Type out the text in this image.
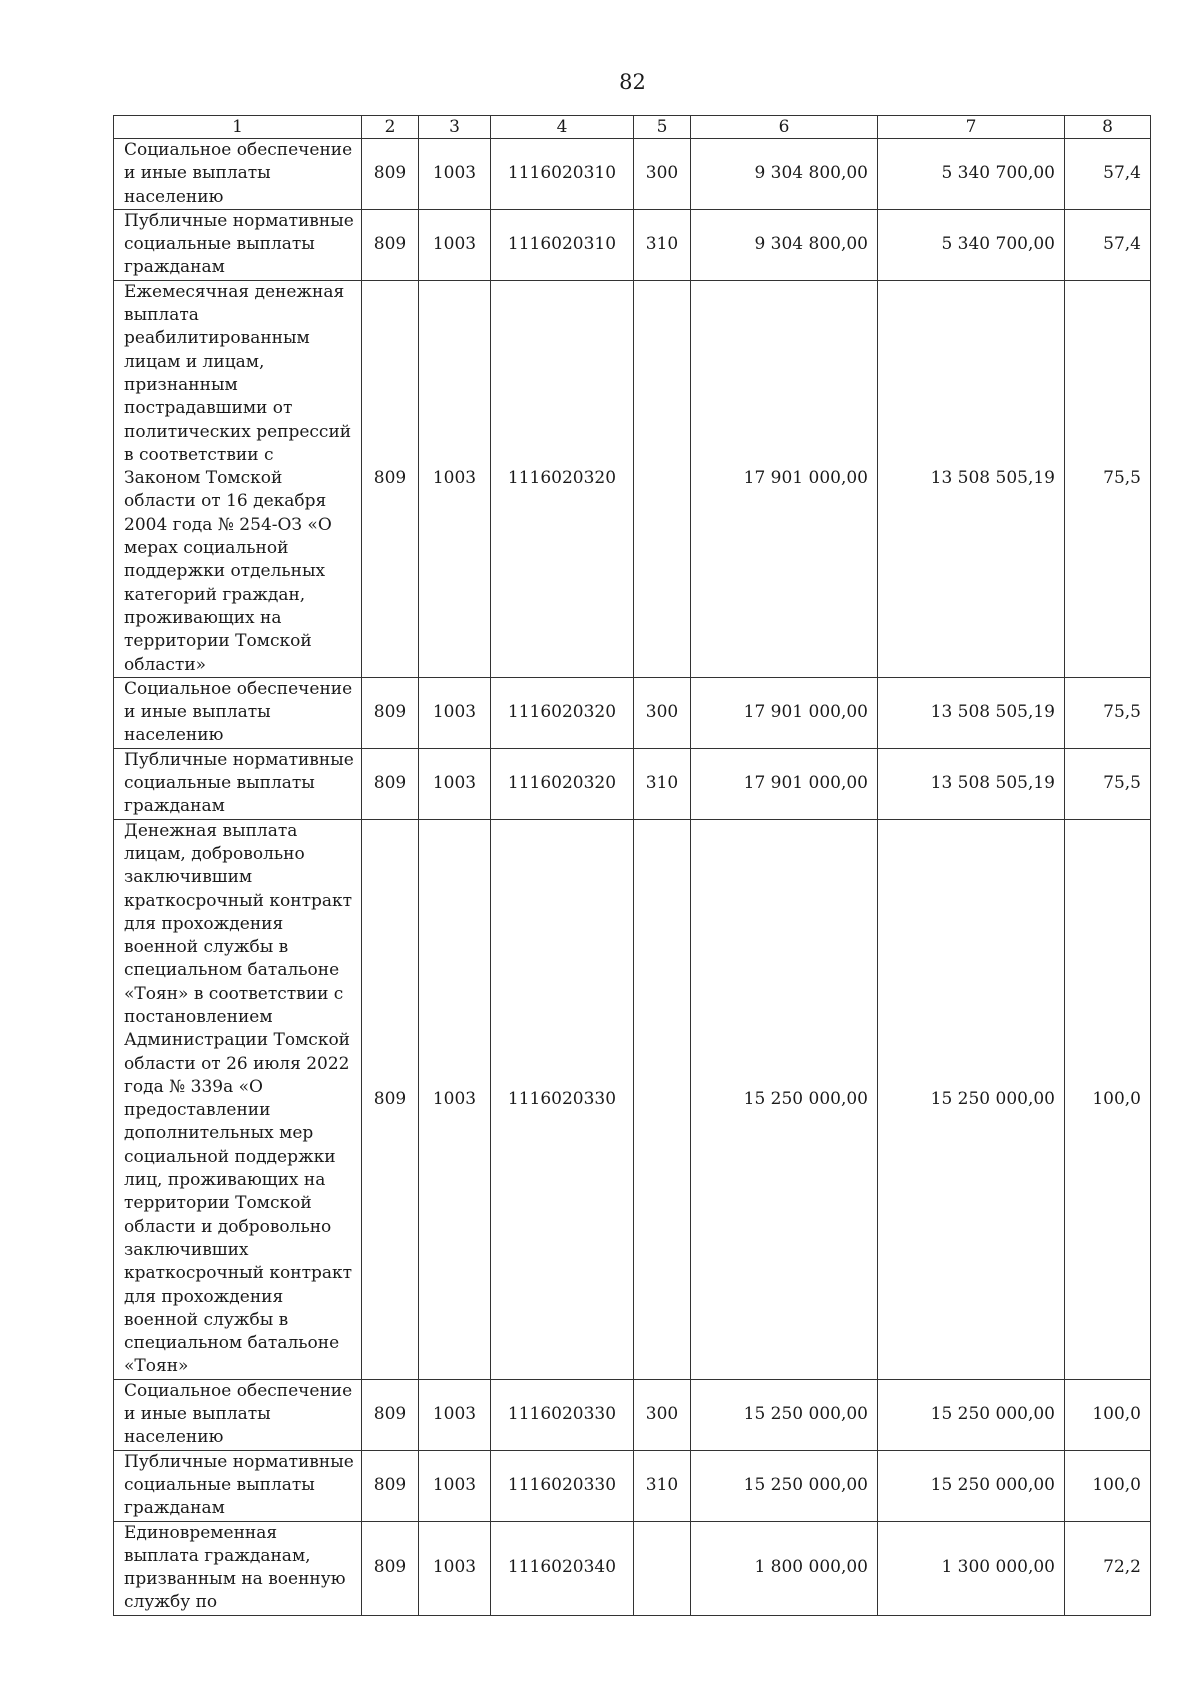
82
1	2	3	4	5	6	7	8
Социальное обеспечение и иные выплаты населению	809	1003	1116020310	300	9 304 800,00	5 340 700,00	57,4
Публичные нормативные социальные выплаты гражданам	809	1003	1116020310	310	9 304 800,00	5 340 700,00	57,4
Ежемесячная денежная выплата реабилитированным лицам и лицам, признанным пострадавшими от политических репрессий в соответствии с Законом Томской области от 16 декабря 2004 года № 254-ОЗ «О мерах социальной поддержки отдельных категорий граждан, проживающих на территории Томской области»	809	1003	1116020320		17 901 000,00	13 508 505,19	75,5
Социальное обеспечение и иные выплаты населению	809	1003	1116020320	300	17 901 000,00	13 508 505,19	75,5
Публичные нормативные социальные выплаты гражданам	809	1003	1116020320	310	17 901 000,00	13 508 505,19	75,5
Денежная выплата лицам, добровольно заключившим краткосрочный контракт для прохождения военной службы в специальном батальоне «Тоян» в соответствии с постановлением Администрации Томской области от 26 июля 2022 года № 339а «О предоставлении дополнительных мер социальной поддержки лиц, проживающих на территории Томской области и добровольно заключивших краткосрочный контракт для прохождения военной службы в специальном батальоне «Тоян»	809	1003	1116020330		15 250 000,00	15 250 000,00	100,0
Социальное обеспечение и иные выплаты населению	809	1003	1116020330	300	15 250 000,00	15 250 000,00	100,0
Публичные нормативные социальные выплаты гражданам	809	1003	1116020330	310	15 250 000,00	15 250 000,00	100,0
Единовременная выплата гражданам, призванным на военную службу по	809	1003	1116020340		1 800 000,00	1 300 000,00	72,2
